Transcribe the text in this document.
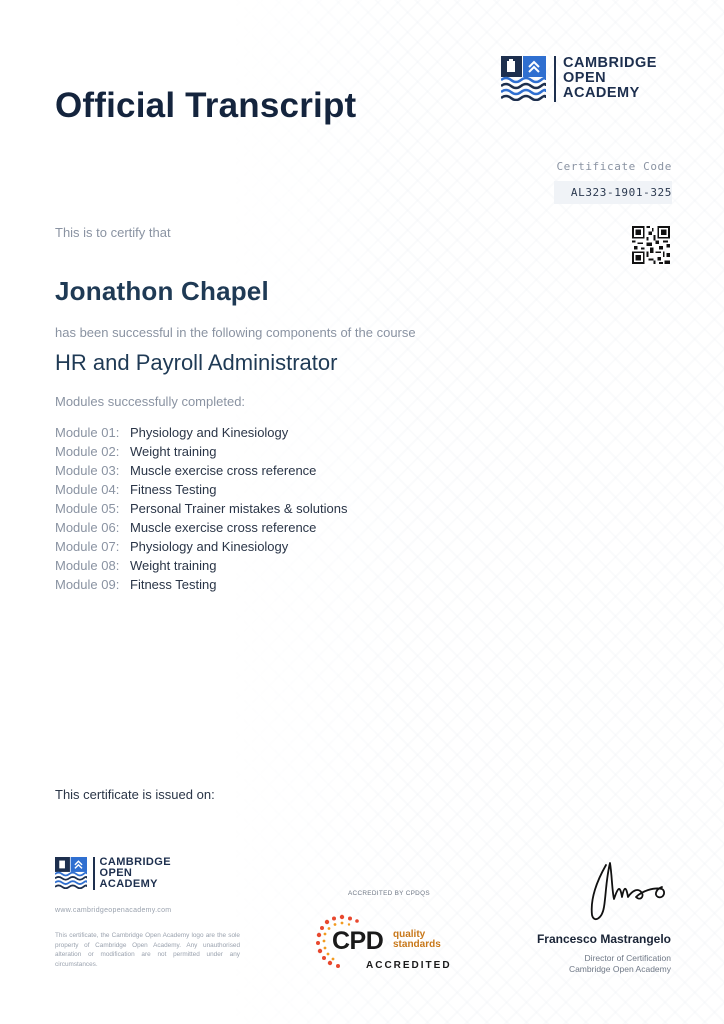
Official Transcript
CAMBRIDGE
OPEN
ACADEMY
Certificate Code
AL323-1901-325
This is to certify that
Jonathon Chapel
has been successful in the following components of the course
HR and Payroll Administrator
Modules successfully completed:
Module 01: Physiology and Kinesiology
Module 02: Weight training
Module 03: Muscle exercise cross reference
Module 04: Fitness Testing
Module 05: Personal Trainer mistakes & solutions
Module 06: Muscle exercise cross reference
Module 07: Physiology and Kinesiology
Module 08: Weight training
Module 09: Fitness Testing
This certificate is issued on:
CAMBRIDGE
OPEN
ACADEMY
www.cambridgeopenacademy.com
This certificate, the Cambridge Open Academy logo are the sole property of Cambridge Open Academy. Any unauthorised alteration or modification are not permitted under any circumstances.
ACCREDITED BY CPDQS
CPD quality
standards
ACCREDITED
Francesco Mastrangelo
Director of Certification
Cambridge Open Academy
